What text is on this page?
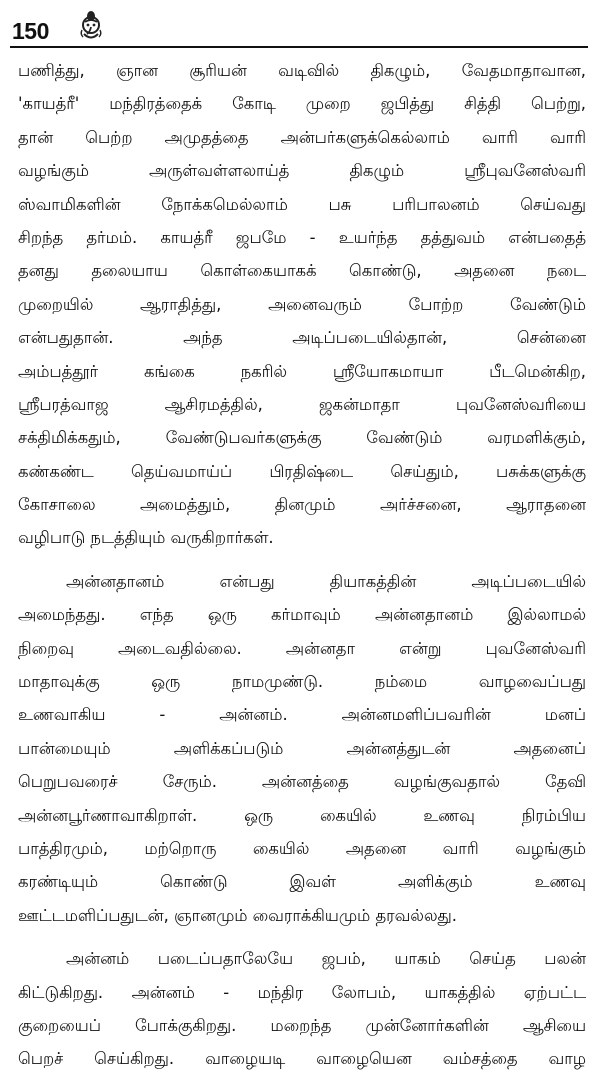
150
பணித்து, ஞான சூரியன் வடிவில் திகழும், வேதமாதாவான,
'காயத்ரீ' மந்திரத்தைக் கோடி முறை ஜபித்து சித்தி பெற்று,
தான் பெற்ற அமுதத்தை அன்பர்களுக்கெல்லாம் வாரி வாரி
வழங்கும் அருள்வள்ளலாய்த் திகழும் ஸ்ரீபுவனேஸ்வரி
ஸ்வாமிகளின் நோக்கமெல்லாம் பசு பரிபாலனம் செய்வது
சிறந்த தர்மம். காயத்ரீ ஜபமே - உயர்ந்த தத்துவம் என்பதைத்
தனது தலையாய கொள்கையாகக் கொண்டு, அதனை நடை
முறையில் ஆராதித்து, அனைவரும் போற்ற வேண்டும்
என்பதுதான். அந்த அடிப்படையில்தான், சென்னை
அம்பத்தூர் கங்கை நகரில் ஸ்ரீயோகமாயா பீடமென்கிற,
ஸ்ரீபரத்வாஜ ஆசிரமத்தில், ஜகன்மாதா புவனேஸ்வரியை
சக்திமிக்கதும், வேண்டுபவர்களுக்கு வேண்டும் வரமளிக்கும்,
கண்கண்ட தெய்வமாய்ப் பிரதிஷ்டை செய்தும், பசுக்களுக்கு
கோசாலை அமைத்தும், தினமும் அர்ச்சனை, ஆராதனை
வழிபாடு நடத்தியும் வருகிறார்கள்.
அன்னதானம் என்பது தியாகத்தின் அடிப்படையில்
அமைந்தது. எந்த ஒரு கர்மாவும் அன்னதானம் இல்லாமல்
நிறைவு அடைவதில்லை. அன்னதா என்று புவனேஸ்வரி
மாதாவுக்கு ஒரு நாமமுண்டு. நம்மை வாழவைப்பது
உணவாகிய - அன்னம். அன்னமளிப்பவரின் மனப்
பான்மையும் அளிக்கப்படும் அன்னத்துடன் அதனைப்
பெறுபவரைச் சேரும். அன்னத்தை வழங்குவதால் தேவி
அன்னபூர்ணாவாகிறாள். ஒரு கையில் உணவு நிரம்பிய
பாத்திரமும், மற்றொரு கையில் அதனை வாரி வழங்கும்
கரண்டியும் கொண்டு இவள் அளிக்கும் உணவு
ஊட்டமளிப்பதுடன், ஞானமும் வைராக்கியமும் தரவல்லது.
அன்னம் படைப்பதாலேயே ஜபம், யாகம் செய்த பலன்
கிட்டுகிறது. அன்னம் - மந்திர லோபம், யாகத்தில் ஏற்பட்ட
குறையைப் போக்குகிறது. மறைந்த முன்னோர்களின் ஆசியை
பெறச் செய்கிறது. வாழையடி வாழையென வம்சத்தை வாழ
